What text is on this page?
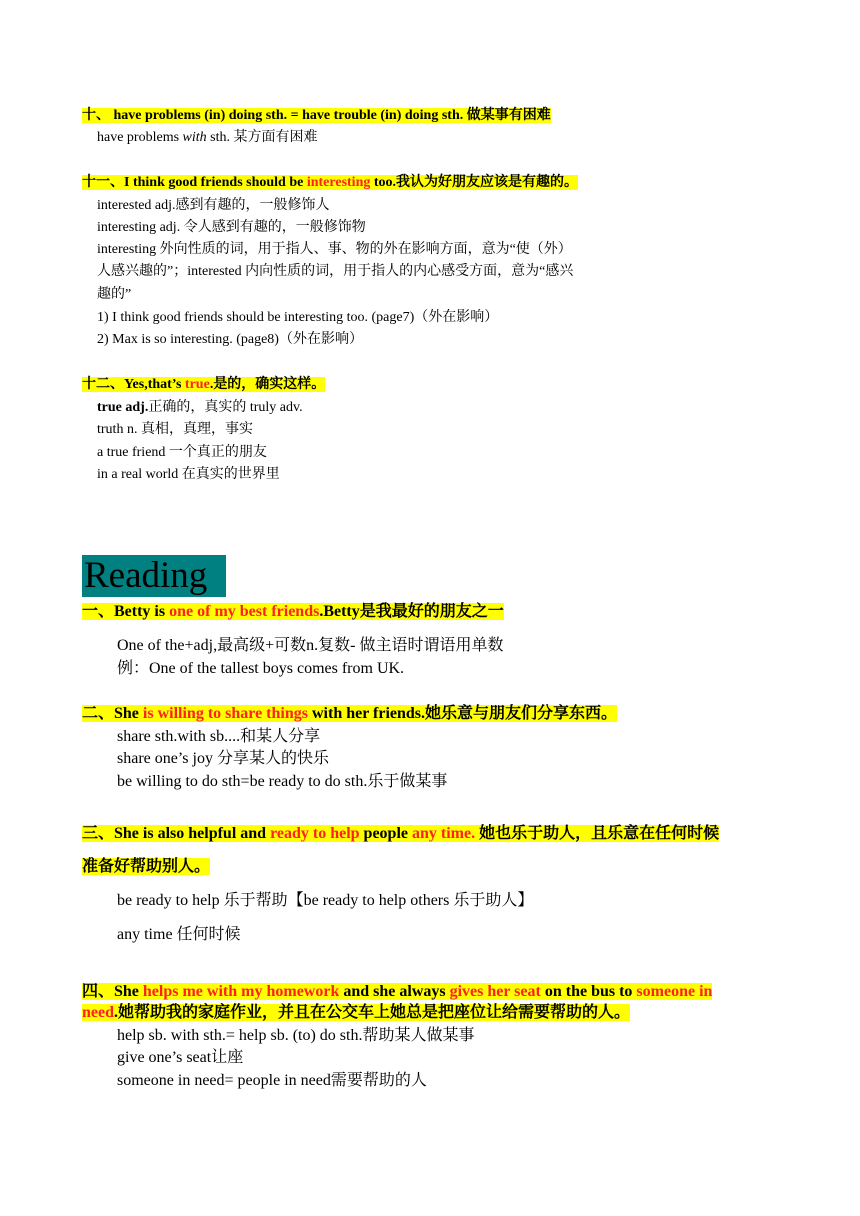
十、 have problems (in) doing sth. = have trouble (in) doing sth. 做某事有困难
have problems with sth. 某方面有困难
十一、I think good friends should be interesting too.我认为好朋友应该是有趣的。
interested adj.感到有趣的，一般修饰人
interesting adj. 令人感到有趣的，一般修饰物
interesting 外向性质的词，用于指人、事、物的外在影响方面，意为“使（外）
人感兴趣的”；interested 内向性质的词，用于指人的内心感受方面，意为“感兴
趣的”
1) I think good friends should be interesting too. (page7)（外在影响）
2) Max is so interesting. (page8)（外在影响）
十二、Yes,that’s true.是的，确实这样。
true adj.正确的，真实的 truly adv.
truth n. 真相，真理，事实
a true friend 一个真正的朋友
in a real world 在真实的世界里
Reading
一、Betty is one of my best friends.Betty是我最好的朋友之一
One of the+adj,最高级+可数n.复数- 做主语时谓语用单数
例：One of the tallest boys comes from UK.
二、She is willing to share things with her friends.她乐意与朋友们分享东西。
share sth.with sb....和某人分享
share one’s joy 分享某人的快乐
be willing to do sth=be ready to do sth.乐于做某事
三、She is also helpful and ready to help people any time. 她也乐于助人，且乐意在任何时候
准备好帮助别人。
be ready to help 乐于帮助【be ready to help others 乐于助人】
any time 任何时候
四、She helps me with my homework and she always gives her seat on the bus to someone in
need.她帮助我的家庭作业，并且在公交车上她总是把座位让给需要帮助的人。
help sb. with sth.= help sb. (to) do sth.帮助某人做某事
give one’s seat让座
someone in need= people in need需要帮助的人
